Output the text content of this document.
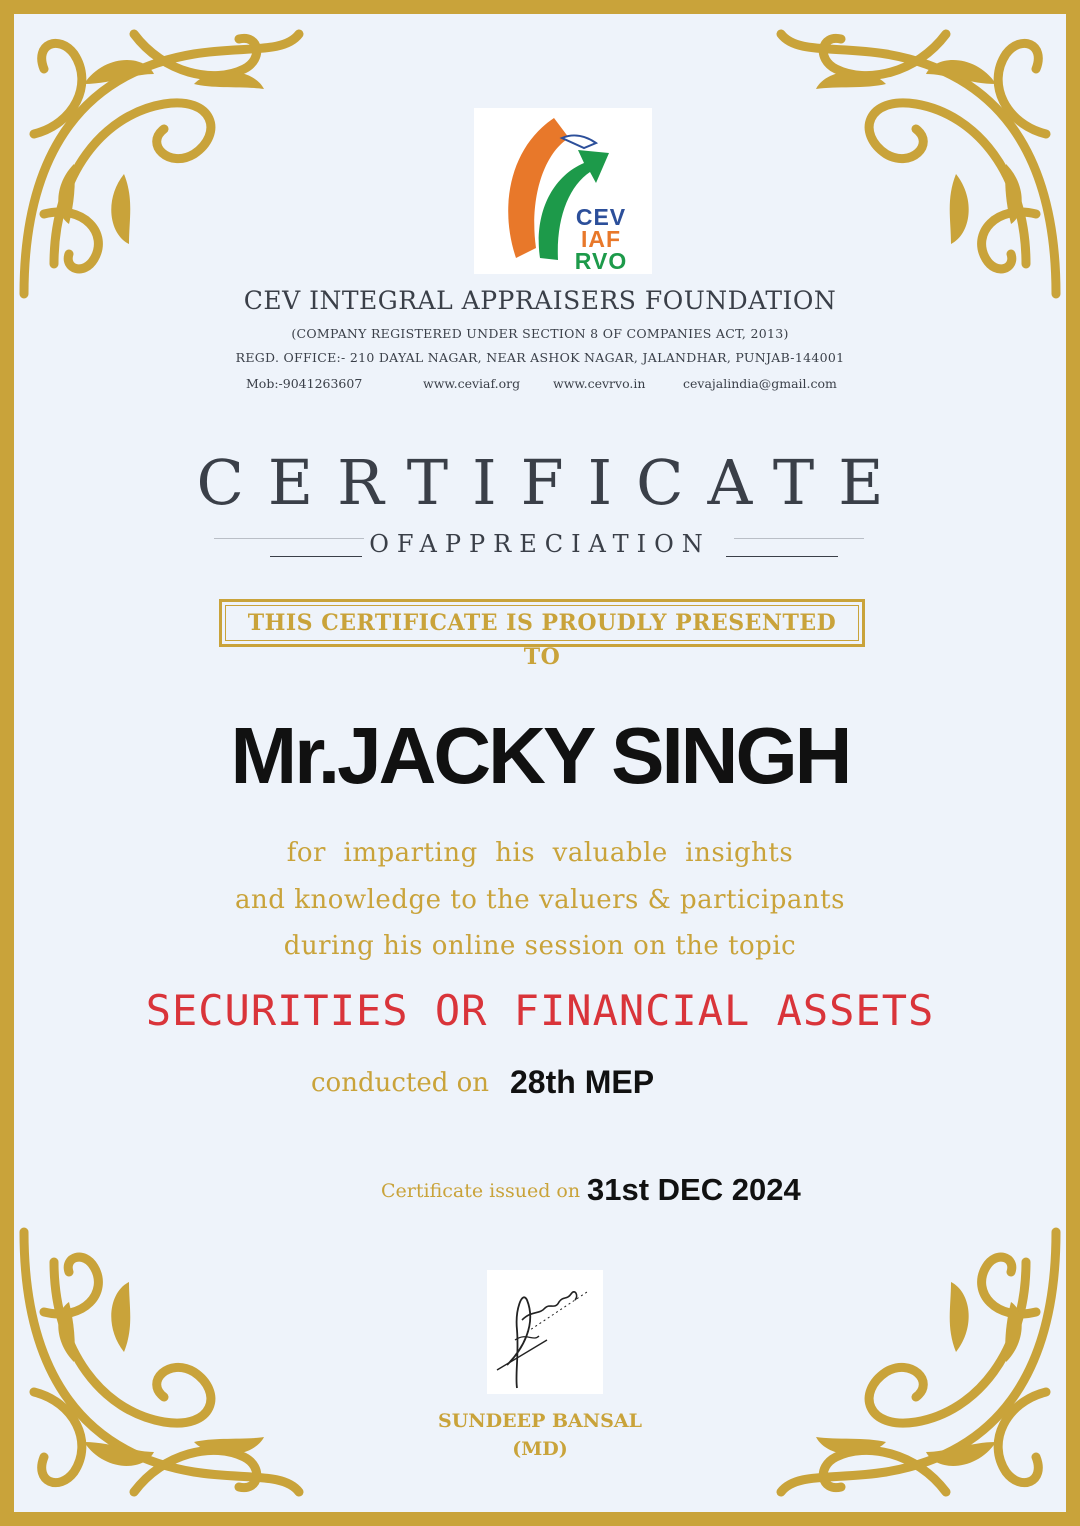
CEV
IAF
RVO
CEV INTEGRAL APPRAISERS FOUNDATION
(COMPANY REGISTERED UNDER SECTION 8 OF COMPANIES ACT, 2013)
REGD. OFFICE:- 210 DAYAL NAGAR, NEAR ASHOK NAGAR, JALANDHAR, PUNJAB-144001
Mob:-9041263607	www.ceviaf.org	www.cevrvo.in	cevajalindia@gmail.com
CERTIFICATE
OFAPPRECIATION
THIS CERTIFICATE IS PROUDLY PRESENTED TO
Mr.JACKY SINGH
for  imparting  his  valuable  insights
and knowledge to the valuers & participants
during his online session on the topic
SECURITIES OR FINANCIAL ASSETS
conducted on 28th MEP
Certificate issued on 31st DEC 2024
SUNDEEP BANSAL
(MD)
